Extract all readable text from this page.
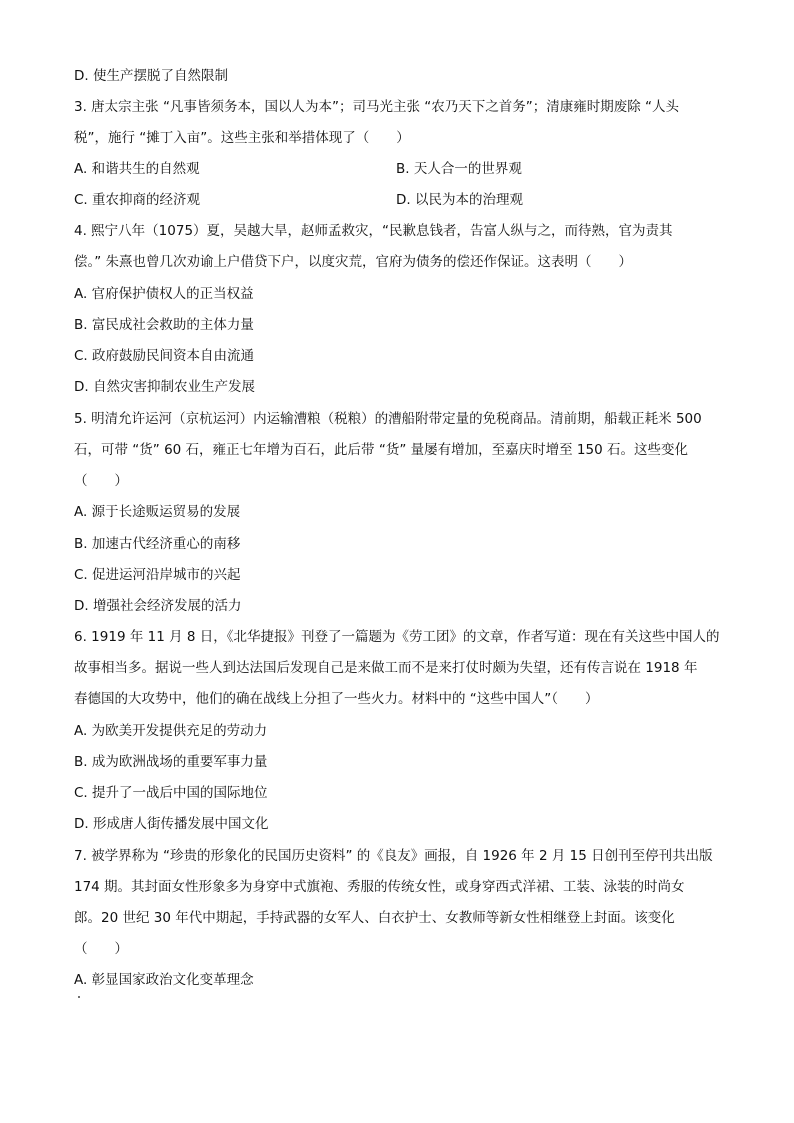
D. 使生产摆脱了自然限制
3. 唐太宗主张 “凡事皆须务本，国以人为本”；司马光主张 “农乃天下之首务”；清康雍时期废除 “人头
税”，施行 “摊丁入亩”。这些主张和举措体现了（　　）
A. 和谐共生的自然观	B. 天人合一的世界观
C. 重农抑商的经济观	D. 以民为本的治理观
4. 熙宁八年（1075）夏，吴越大旱，赵师孟救灾，“民歉息钱者，告富人纵与之，而待熟，官为责其
偿。” 朱熹也曾几次劝谕上户借贷下户，以度灾荒，官府为债务的偿还作保证。这表明（　　）
A. 官府保护债权人的正当权益
B. 富民成社会救助的主体力量
C. 政府鼓励民间资本自由流通
D. 自然灾害抑制农业生产发展
5. 明清允许运河（京杭运河）内运输漕粮（税粮）的漕船附带定量的免税商品。清前期，船载正耗米 500
石，可带 “货” 60 石，雍正七年增为百石，此后带 “货” 量屡有增加，至嘉庆时增至 150 石。这些变化
（　　）
A. 源于长途贩运贸易的发展
B. 加速古代经济重心的南移
C. 促进运河沿岸城市的兴起
D. 增强社会经济发展的活力
6. 1919 年 11 月 8 日，《北华捷报》刊登了一篇题为《劳工团》的文章，作者写道：现在有关这些中国人的
故事相当多。据说一些人到达法国后发现自己是来做工而不是来打仗时颇为失望，还有传言说在 1918 年
春德国的大攻势中，他们的确在战线上分担了一些火力。材料中的 “这些中国人”（　　）
A. 为欧美开发提供充足的劳动力
B. 成为欧洲战场的重要军事力量
C. 提升了一战后中国的国际地位
D. 形成唐人街传播发展中国文化
7. 被学界称为 “珍贵的形象化的民国历史资料” 的《良友》画报，自 1926 年 2 月 15 日创刊至停刊共出版
174 期。其封面女性形象多为身穿中式旗袍、秀服的传统女性，或身穿西式洋裙、工装、泳装的时尚女
郎。20 世纪 30 年代中期起，手持武器的女军人、白衣护士、女教师等新女性相继登上封面。该变化
（　　）
A. 彰显国家政治文化变革理念
